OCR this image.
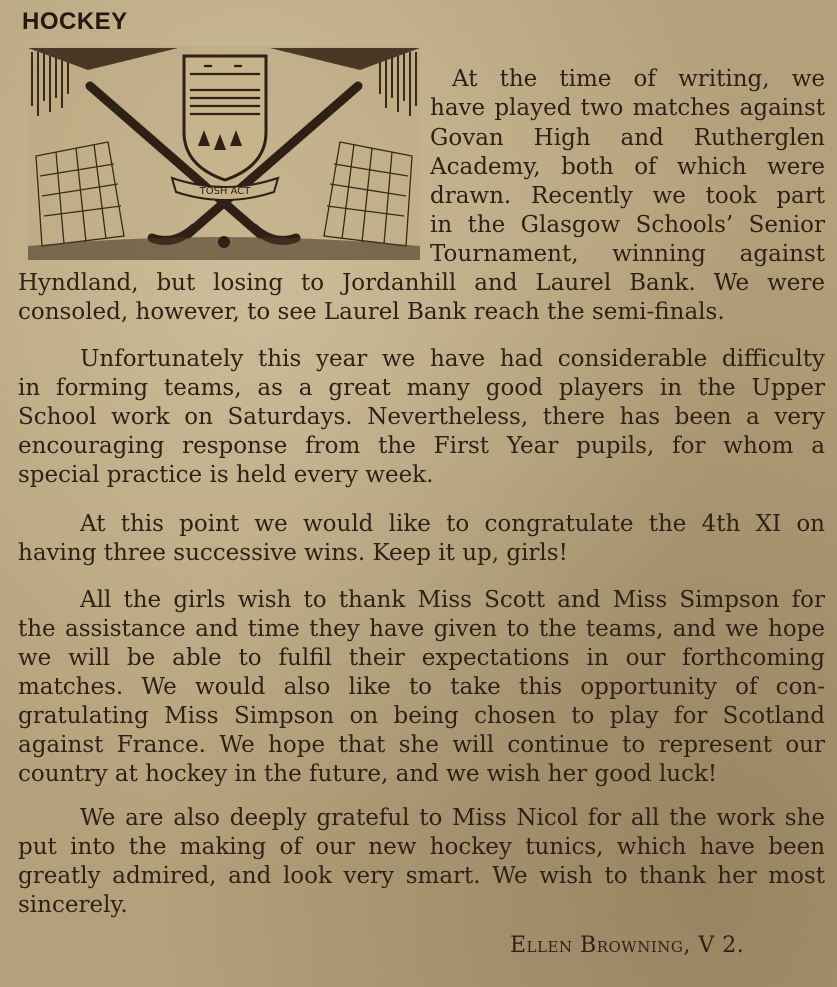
HOCKEY
TOSH ACT
At the time of writing, we
have played two matches against
Govan High and Rutherglen
Academy, both of which were
drawn. Recently we took part
in the Glasgow Schools’ Senior
Tournament, winning against
Hyndland, but losing to Jordanhill and Laurel Bank. We were
consoled, however, to see Laurel Bank reach the semi-finals.
Unfortunately this year we have had considerable difficulty
in forming teams, as a great many good players in the Upper
School work on Saturdays. Nevertheless, there has been a very
encouraging response from the First Year pupils, for whom a
special practice is held every week.
At this point we would like to congratulate the 4th XI on
having three successive wins. Keep it up, girls!
All the girls wish to thank Miss Scott and Miss Simpson for
the assistance and time they have given to the teams, and we hope
we will be able to fulfil their expectations in our forthcoming
matches. We would also like to take this opportunity of con-
gratulating Miss Simpson on being chosen to play for Scotland
against France. We hope that she will continue to represent our
country at hockey in the future, and we wish her good luck!
We are also deeply grateful to Miss Nicol for all the work she
put into the making of our new hockey tunics, which have been
greatly admired, and look very smart. We wish to thank her most
sincerely.
Ellen Browning, V 2.
